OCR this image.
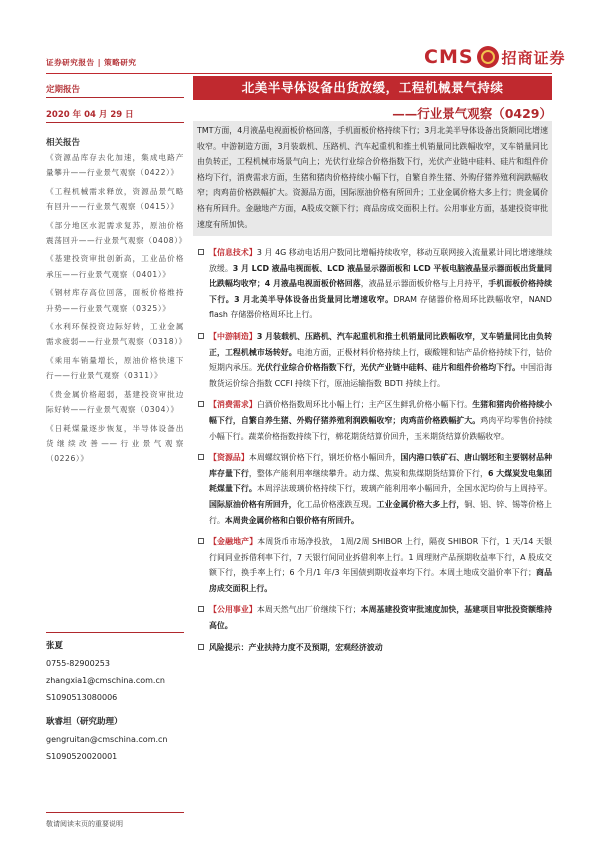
证券研究报告 | 策略研究	CMS 招商证券
定期报告
2020 年 04 月 29 日
相关报告

《资源品库存去化加速，集成电路产量攀升——行业景气观察（0422）》

《工程机械需求释放，资源品景气略有回升——行业景气观察（0415）》

《部分地区水泥需求复苏，原油价格震荡回升——行业景气观察（0408）》

《基建投资审批创新高，工业品价格承压——行业景气观察（0401）》

《钢材库存高位回落，面板价格维持升势——行业景气观察（0325）》

《水利环保投资边际好转，工业金属需求疲弱——行业景气观察（0318）》

《乘用车销量增长，原油价格快速下行——行业景气观察（0311）》

《贵金属价格超弱，基建投资审批边际好转——行业景气观察（0304）》

《日耗煤量逐步恢复，半导体设备出货继续改善——行业景气观察（0226）》

张夏
0755-82900253
zhangxia1@cmschina.com.cn
S1090513080006
耿睿坦（研究助理）
gengruitan@cmschina.com.cn
S1090520020001
敬请阅读末页的重要说明
北美半导体设备出货放缓，工程机械景气持续
——行业景气观察（0429）
TMT方面，4月液晶电视面板价格回落，手机面板价格持续下行；3月北美半导体设备出货额同比增速收窄。中游制造方面，3月装载机、压路机、汽车起重机和推土机销量同比跌幅收窄，叉车销量同比由负转正，工程机械市场景气向上；光伏行业综合价格指数下行，光伏产业链中硅料、硅片和组件价格均下行，消费需求方面，生猪和猪肉价格持续小幅下行，自繁自养生猪、外购仔猪养殖利润跌幅收窄；肉鸡苗价格跌幅扩大。资源品方面，国际原油价格有所回升；工业金属价格大多上行；贵金属价格有所回升。金融地产方面，A股成交额下行；商品房成交面积上行。公用事业方面，基建投资审批速度有所加快。
【信息技术】3 月 4G 移动电话用户数同比增幅持续收窄，移动互联网接入流量累计同比增速继续放缓。3 月 LCD 液晶电视面板、LCD 液晶显示器面板和 LCD 平板电脑液晶显示器面板出货量同比跌幅均收窄；4 月液晶电视面板价格回落，液晶显示器面板价格与上月持平，手机面板价格持续下行。3 月北美半导体设备出货量同比增速收窄。DRAM 存储器价格周环比跌幅收窄，NAND flash 存储器价格周环比上行。
【中游制造】3 月装载机、压路机、汽车起重机和推土机销量同比跌幅收窄，叉车销量同比由负转正，工程机械市场转好。电池方面，正极材料价格持续上行，碳酸锂和钴产品价格持续下行，钴价短期内承压。光伏行业综合价格指数下行，光伏产业链中硅料、硅片和组件价格均下行。中国沿海散货运价综合指数 CCFI 持续下行，原油运输指数 BDTI 持续上行。
【消费需求】白酒价格指数周环比小幅上行；主产区生鲜乳价格小幅下行。生猪和猪肉价格持续小幅下行，自繁自养生猪、外购仔猪养殖利润跌幅收窄；肉鸡苗价格跌幅扩大。鸡肉平均零售价持续小幅下行。蔬菜价格指数持续下行，棉花期货结算价回升，玉米期货结算价跌幅收窄。
【资源品】本周螺纹钢价格下行，钢坯价格小幅回升，国内港口铁矿石、唐山钢坯和主要钢材品种库存量下行，整体产能利用率继续攀升。动力煤、焦炭和焦煤期货结算价下行，6 大煤炭发电集团耗煤量下行。本周浮法玻璃价格持续下行，玻璃产能利用率小幅回升，全国水泥均价与上周持平。国际原油价格有所回升，化工品价格涨跌互现。工业金属价格大多上行，铜、铝、锌、锡等价格上行。本周贵金属价格和白银价格有所回升。
【金融地产】本周货币市场净投放， 1周/2周 SHIBOR 上行，隔夜 SHIBOR 下行，1 天/14 天银行间同业拆借利率下行，7 天银行间同业拆借利率上行。1 周理财产品预期收益率下行，A 股成交额下行，换手率上行；6 个月/1 年/3 年国债到期收益率均下行。本周土地成交溢价率下行；商品房成交面积上行。
【公用事业】本周天然气出厂价继续下行；本周基建投资审批速度加快，基建项目审批投资额维持高位。
风险提示：产业扶持力度不及预期，宏观经济波动
